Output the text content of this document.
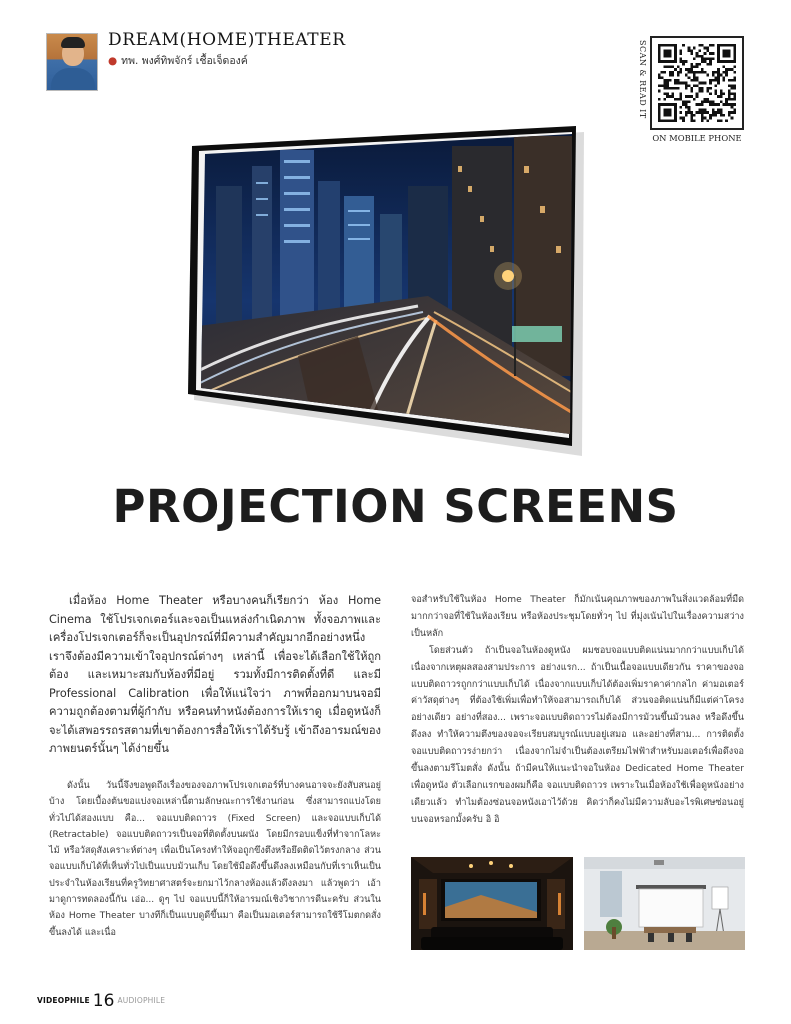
DREAM(HOME)THEATER
● ทพ. พงศ์ทิพจักร์ เชื้อเจ็ดองค์	SCAN & READ IT
ON MOBILE PHONE
PROJECTION SCREENS

เมื่อห้อง Home Theater หรือบางคนก็เรียกว่า ห้อง Home Cinema ใช้โปรเจกเตอร์และจอเป็นแหล่งกำเนิดภาพ ทั้งจอภาพและเครื่องโปรเจกเตอร์ก็จะเป็นอุปกรณ์ที่มีความสำคัญมากอีกอย่างหนึ่ง เราจึงต้องมีความเข้าใจอุปกรณ์ต่างๆ เหล่านี้ เพื่อจะได้เลือกใช้ให้ถูกต้อง และเหมาะสมกับห้องที่มีอยู่ รวมทั้งมีการติดตั้งที่ดี และมี Professional Calibration เพื่อให้แน่ใจว่า ภาพที่ออกมาบนจอมีความถูกต้องตามที่ผู้กำกับ หรือคนทำหนังต้องการให้เราดู เมื่อดูหนังก็จะได้เสพอรรถรสตามที่เขาต้องการสื่อให้เราได้รับรู้ เข้าถึงอารมณ์ของภาพยนตร์นั้นๆ ได้ง่ายขึ้น

ดังนั้น วันนี้จึงขอพูดถึงเรื่องของจอภาพโปรเจกเตอร์ที่บางคนอาจจะยังสับสนอยู่บ้าง โดยเบื้องต้นขอแบ่งจอเหล่านี้ตามลักษณะการใช้งานก่อน ซึ่งสามารถแบ่งโดยทั่วไปได้สองแบบ คือ... จอแบบติดถาวร (Fixed Screen) และจอแบบเก็บได้ (Retractable) จอแบบติดถาวรเป็นจอที่ติดตั้งบนผนัง โดยมีกรอบแข็งที่ทำจากโลหะ ไม้ หรือวัสดุสังเคราะห์ต่างๆ เพื่อเป็นโครงทำให้จอถูกขึงตึงหรือยึดติดไว้ตรงกลาง ส่วนจอแบบเก็บได้ที่เห็นทั่วไปเป็นแบบม้วนเก็บ โดยใช้มือดึงขึ้นดึงลงเหมือนกับที่เราเห็นเป็นประจำในห้องเรียนที่ครูวิทยาศาสตร์จะยกมาไว้กลางห้องแล้วดึงลงมา แล้วพูดว่า เอ้า มาดูการทดลองนี้กัน เอ่อ... ดูๆ ไป จอแบบนี้ก็ให้อารมณ์เชิงวิชาการดีนะครับ ส่วนในห้อง Home Theater บางทีก็เป็นแบบดูดีขึ้นมา คือเป็นมอเตอร์สามารถใช้รีโมตกดสั่งขึ้นลงได้ และเนื่อ

จอสำหรับใช้ในห้อง Home Theater ก็มักเน้นคุณภาพของภาพในสิ่งแวดล้อมที่มืดมากกว่าจอที่ใช้ในห้องเรียน หรือห้องประชุมโดยทั่วๆ ไป ที่มุ่งเน้นไปในเรื่องความสว่างเป็นหลัก

โดยส่วนตัว ถ้าเป็นจอในห้องดูหนัง ผมชอบจอแบบติดแน่นมากกว่าแบบเก็บได้ เนื่องจากเหตุผลสองสามประการ อย่างแรก... ถ้าเป็นเนื้อจอแบบเดียวกัน ราคาของจอแบบติดถาวรถูกกว่าแบบเก็บได้ เนื่องจากแบบเก็บได้ต้องเพิ่มราคาค่ากลไก ค่ามอเตอร์ ค่าวัสดุต่างๆ ที่ต้องใช้เพิ่มเพื่อทำให้จอสามารถเก็บได้ ส่วนจอติดแน่นก็มีแต่ค่าโครงอย่างเดียว อย่างที่สอง... เพราะจอแบบติดถาวรไม่ต้องมีการม้วนขึ้นม้วนลง หรือดึงขึ้นดึงลง ทำให้ความตึงของจอจะเรียบสมบูรณ์แบบอยู่เสมอ และอย่างที่สาม... การติดตั้งจอแบบติดถาวรง่ายกว่า เนื่องจากไม่จำเป็นต้องเตรียมไฟฟ้าสำหรับมอเตอร์เพื่อดึงจอขึ้นลงตามรีโมตสั่ง ดังนั้น ถ้ามีคนให้แนะนำจอในห้อง Dedicated Home Theater เพื่อดูหนัง ตัวเลือกแรกของผมก็คือ จอแบบติดถาวร เพราะในเมื่อห้องใช้เพื่อดูหนังอย่างเดียวแล้ว ทำไมต้องซ่อนจอหนังเอาไว้ด้วย คิดว่าก็คงไม่มีความลับอะไรพิเศษซ่อนอยู่บนจอหรอกมั้งครับ อิ อิ

VIDEOPHILE 16 AUDIOPHILE
